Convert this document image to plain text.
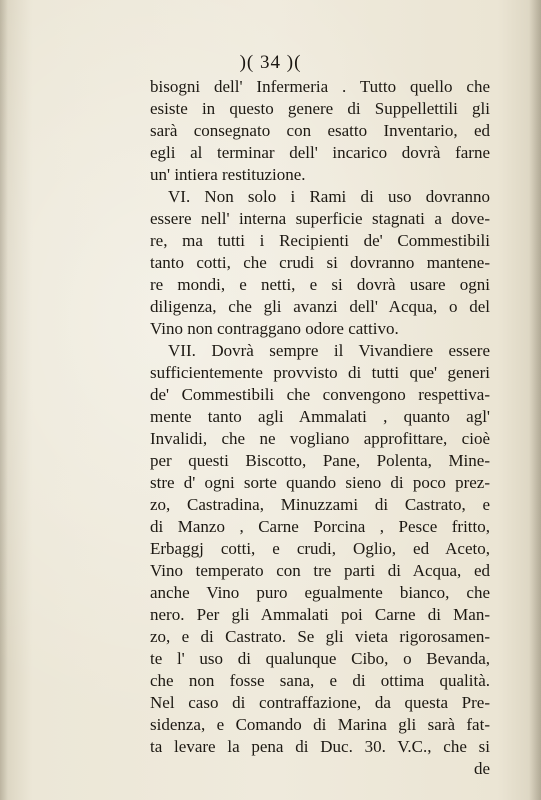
)( 34 )(
bisogni dell' Infermeria . Tutto quello che
esiste in questo genere di Suppellettili gli
sarà consegnato con esatto Inventario, ed
egli al terminar dell' incarico dovrà farne
un' intiera restituzione.
VI. Non solo i Rami di uso dovranno
essere nell' interna superficie stagnati a dove-
re, ma tutti i Recipienti de' Commestibili
tanto cotti, che crudi si dovranno mantene-
re mondi, e netti, e si dovrà usare ogni
diligenza, che gli avanzi dell' Acqua, o del
Vino non contraggano odore cattivo.
VII. Dovrà sempre il Vivandiere essere
sufficientemente provvisto di tutti que' generi
de' Commestibili che convengono respettiva-
mente tanto agli Ammalati , quanto agl'
Invalidi, che ne vogliano approfittare, cioè
per questi Biscotto, Pane, Polenta, Mine-
stre d' ogni sorte quando sieno di poco prez-
zo, Castradina, Minuzzami di Castrato, e
di Manzo , Carne Porcina , Pesce fritto,
Erbaggj cotti, e crudi, Oglio, ed Aceto,
Vino temperato con tre parti di Acqua, ed
anche Vino puro egualmente bianco, che
nero. Per gli Ammalati poi Carne di Man-
zo, e di Castrato. Se gli vieta rigorosamen-
te l' uso di qualunque Cibo, o Bevanda,
che non fosse sana, e di ottima qualità.
Nel caso di contraffazione, da questa Pre-
sidenza, e Comando di Marina gli sarà fat-
ta levare la pena di Duc. 30. V.C., che si
de
